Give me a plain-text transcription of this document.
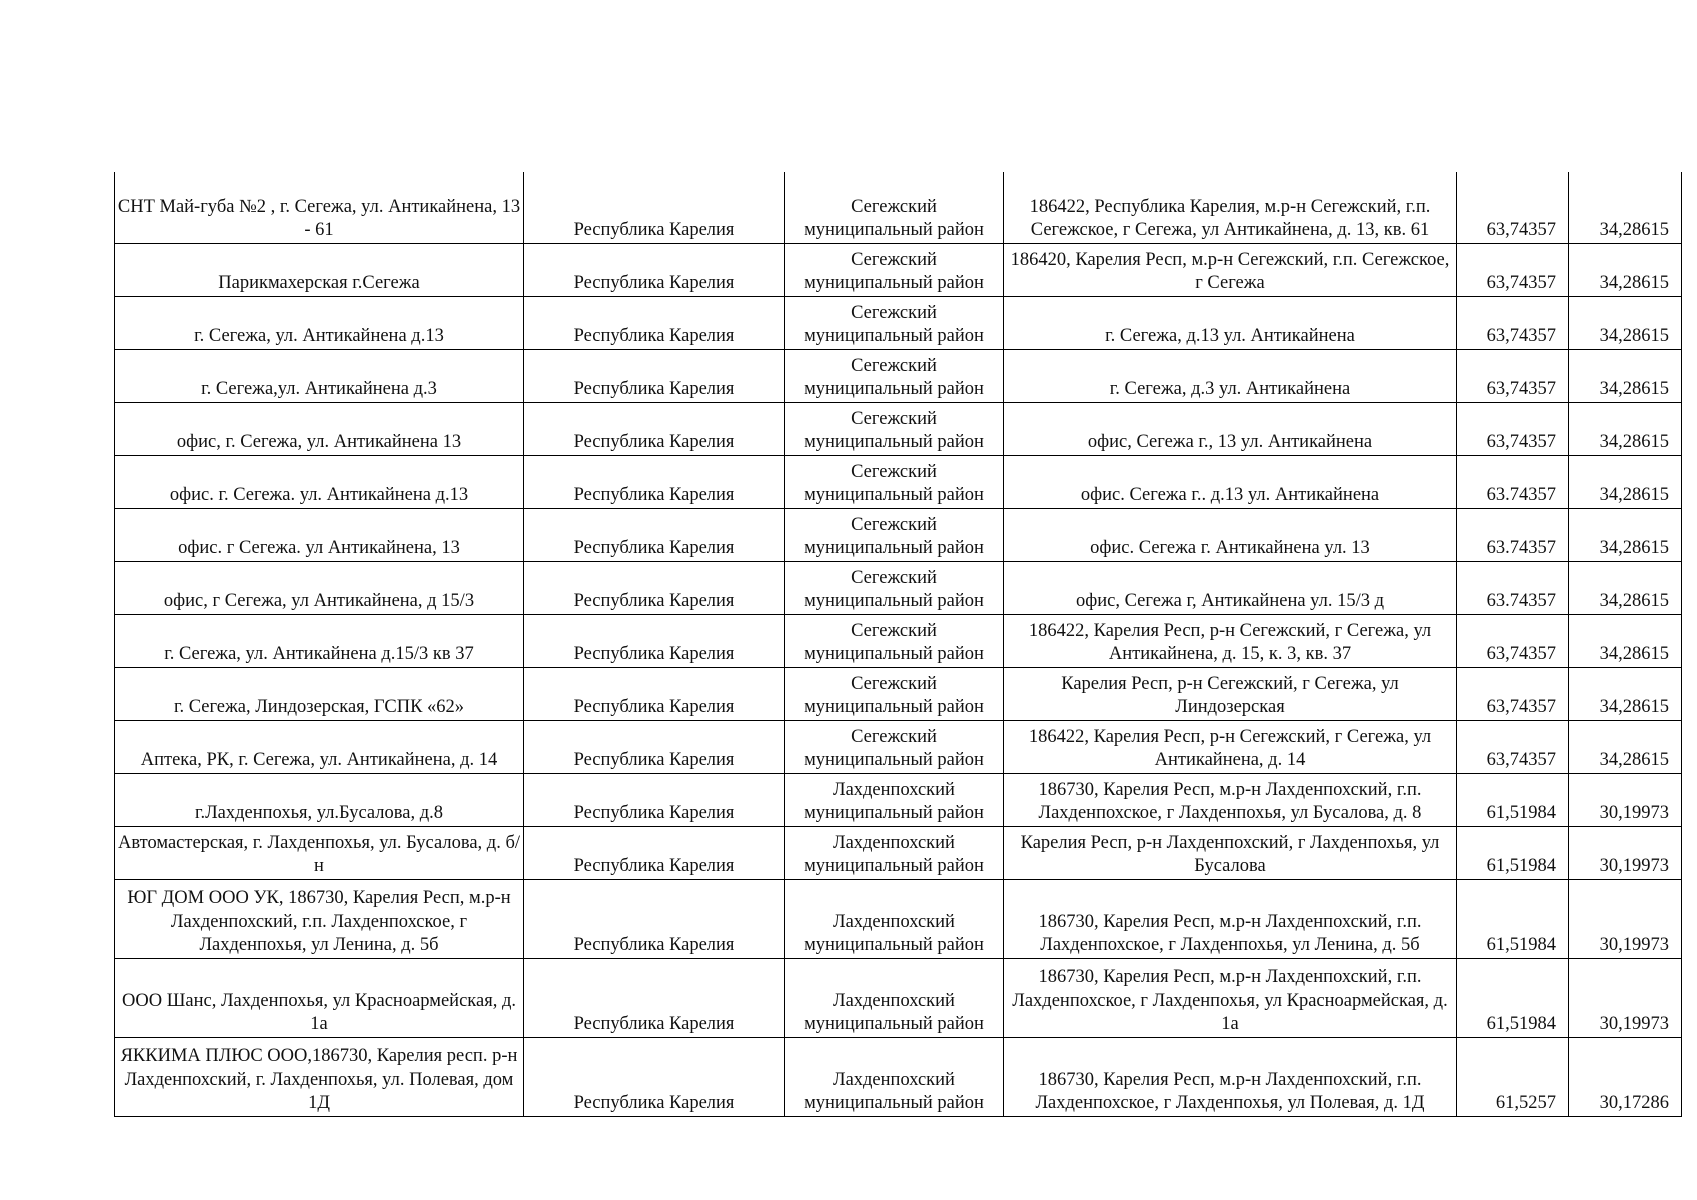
СНТ Май-губа №2 , г. Сегежа, ул. Антикайнена, 13 - 61	Республика Карелия	Сегежский муниципальный район	186422, Республика Карелия, м.р-н Сегежский, г.п. Сегежское, г Сегежа, ул Антикайнена, д. 13, кв. 61	63,74357	34,28615
Парикмахерская г.Сегежа	Республика Карелия	Сегежский муниципальный район	186420, Карелия Респ, м.р-н Сегежский, г.п. Сегежское, г Сегежа	63,74357	34,28615
г. Сегежа, ул. Антикайнена д.13	Республика Карелия	Сегежский муниципальный район	г. Сегежа, д.13 ул. Антикайнена	63,74357	34,28615
г. Сегежа,ул. Антикайнена д.3	Республика Карелия	Сегежский муниципальный район	г. Сегежа, д.3 ул. Антикайнена	63,74357	34,28615
офис, г. Сегежа, ул. Антикайнена 13	Республика Карелия	Сегежский муниципальный район	офис, Сегежа г., 13 ул. Антикайнена	63,74357	34,28615
офис. г. Сегежа. ул. Антикайнена д.13	Республика Карелия	Сегежский муниципальный район	офис. Сегежа г.. д.13 ул. Антикайнена	63.74357	34,28615
офис. г Сегежа. ул Антикайнена, 13	Республика Карелия	Сегежский муниципальный район	офис. Сегежа г. Антикайнена ул. 13	63.74357	34,28615
офис, г Сегежа, ул Антикайнена, д 15/3	Республика Карелия	Сегежский муниципальный район	офис, Сегежа г, Антикайнена ул. 15/3 д	63.74357	34,28615
г. Сегежа, ул. Антикайнена д.15/3 кв 37	Республика Карелия	Сегежский муниципальный район	186422, Карелия Респ, р-н Сегежский, г Сегежа, ул Антикайнена, д. 15, к. 3, кв. 37	63,74357	34,28615
г. Сегежа, Линдозерская, ГСПК «62»	Республика Карелия	Сегежский муниципальный район	Карелия Респ, р-н Сегежский, г Сегежа, ул Линдозерская	63,74357	34,28615
Аптека, РК, г. Сегежа, ул. Антикайнена, д. 14	Республика Карелия	Сегежский муниципальный район	186422, Карелия Респ, р-н Сегежский, г Сегежа, ул Антикайнена, д. 14	63,74357	34,28615
г.Лахденпохья, ул.Бусалова, д.8	Республика Карелия	Лахденпохский муниципальный район	186730, Карелия Респ, м.р-н Лахденпохский, г.п. Лахденпохское, г Лахденпохья, ул Бусалова, д. 8	61,51984	30,19973
Автомастерская, г. Лахденпохья, ул. Бусалова, д. б/н	Республика Карелия	Лахденпохский муниципальный район	Карелия Респ, р-н Лахденпохский, г Лахденпохья, ул Бусалова	61,51984	30,19973
ЮГ ДОМ ООО УК, 186730, Карелия Респ, м.р-н Лахденпохский, г.п. Лахденпохское, г Лахденпохья, ул Ленина, д. 5б	Республика Карелия	Лахденпохский муниципальный район	186730, Карелия Респ, м.р-н Лахденпохский, г.п. Лахденпохское, г Лахденпохья, ул Ленина, д. 5б	61,51984	30,19973
ООО Шанс, Лахденпохья, ул Красноармейская, д. 1а	Республика Карелия	Лахденпохский муниципальный район	186730, Карелия Респ, м.р-н Лахденпохский, г.п. Лахденпохское, г Лахденпохья, ул Красноармейская, д. 1а	61,51984	30,19973
ЯККИМА ПЛЮС ООО,186730, Карелия респ. р-н Лахденпохский, г. Лахденпохья, ул. Полевая, дом 1Д	Республика Карелия	Лахденпохский муниципальный район	186730, Карелия Респ, м.р-н Лахденпохский, г.п. Лахденпохское, г Лахденпохья, ул Полевая, д. 1Д	61,5257	30,17286
